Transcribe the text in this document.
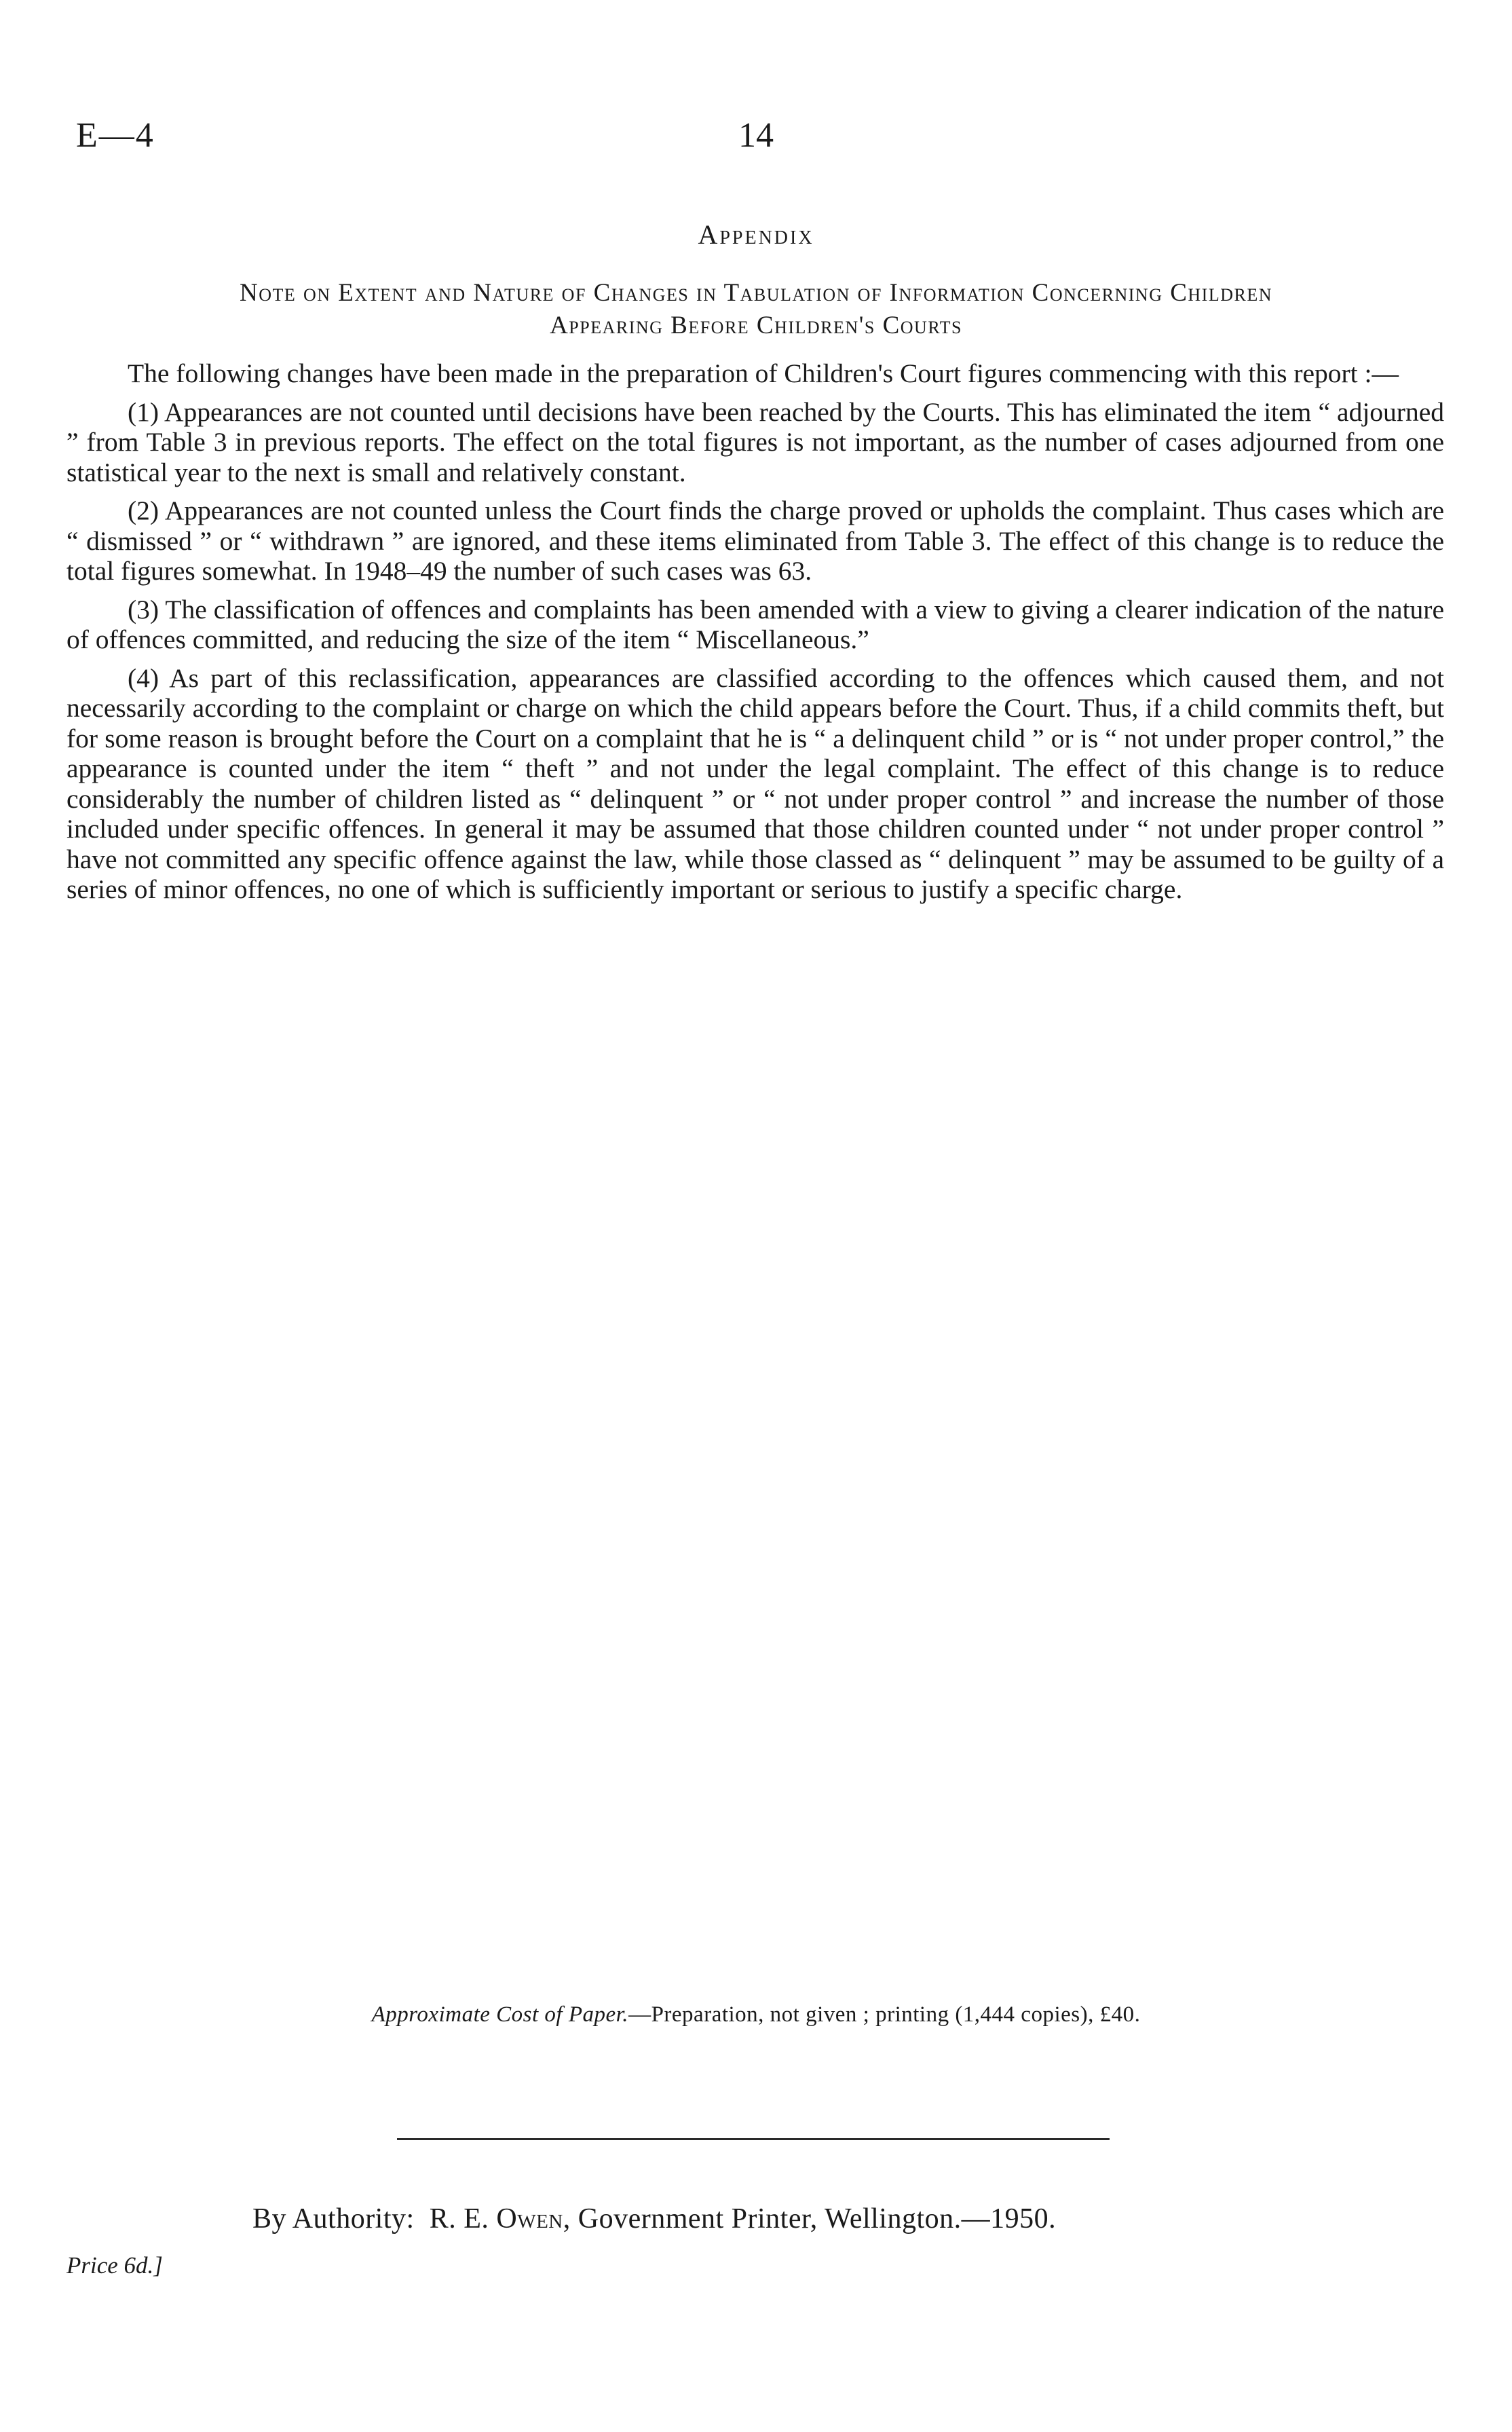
E—4	14
Appendix
Note on Extent and Nature of Changes in Tabulation of Information Concerning Children
Appearing Before Children's Courts

The following changes have been made in the preparation of Children's Court figures commencing with this report :—

(1) Appearances are not counted until decisions have been reached by the Courts. This has eliminated the item “ adjourned ” from Table 3 in previous reports. The effect on the total figures is not important, as the number of cases adjourned from one statistical year to the next is small and relatively constant.

(2) Appearances are not counted unless the Court finds the charge proved or upholds the complaint. Thus cases which are “ dismissed ” or “ withdrawn ” are ignored, and these items eliminated from Table 3. The effect of this change is to reduce the total figures somewhat. In 1948–49 the number of such cases was 63.

(3) The classification of offences and complaints has been amended with a view to giving a clearer indication of the nature of offences committed, and reducing the size of the item “ Miscellaneous.”

(4) As part of this reclassification, appearances are classified according to the offences which caused them, and not necessarily according to the complaint or charge on which the child appears before the Court. Thus, if a child commits theft, but for some reason is brought before the Court on a complaint that he is “ a delinquent child ” or is “ not under proper control,” the appearance is counted under the item “ theft ” and not under the legal complaint. The effect of this change is to reduce considerably the number of children listed as “ delinquent ” or “ not under proper control ” and increase the number of those included under specific offences. In general it may be assumed that those children counted under “ not under proper control ” have not committed any specific offence against the law, while those classed as “ delinquent ” may be assumed to be guilty of a series of minor offences, no one of which is sufficiently important or serious to justify a specific charge.

Approximate Cost of Paper.—Preparation, not given ; printing (1,444 copies), £40.
By Authority: R. E. Owen, Government Printer, Wellington.—1950.
Price 6d.]
